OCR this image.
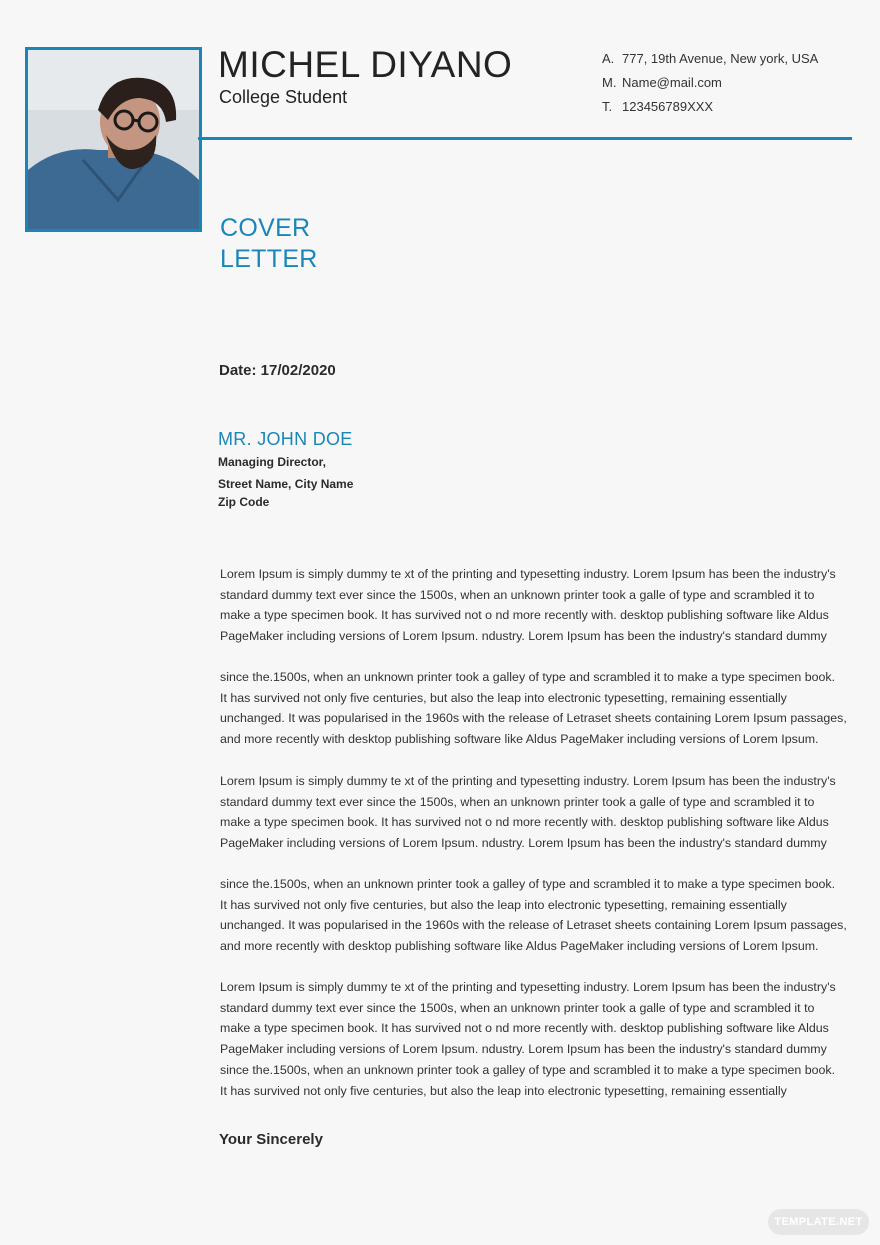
MICHEL DIYANO
College Student
A. 777, 19th Avenue, New york, USA
M. Name@mail.com
T. 123456789XXX
COVER
LETTER
Date: 17/02/2020
MR. JOHN DOE
Managing Director,
Street Name, City Name
Zip Code
Lorem Ipsum is simply dummy te xt of the printing and typesetting industry. Lorem Ipsum has been the industry's
standard dummy text ever since the 1500s, when an unknown printer took a galle of type and scrambled it to
make a type specimen book. It has survived not o nd more recently with. desktop publishing software like Aldus
PageMaker including versions of Lorem Ipsum. ndustry. Lorem Ipsum has been the industry's standard dummy
since the.1500s, when an unknown printer took a galley of type and scrambled it to make a type specimen book.
It has survived not only five centuries, but also the leap into electronic typesetting, remaining essentially
unchanged. It was popularised in the 1960s with the release of Letraset sheets containing Lorem Ipsum passages,
and more recently with desktop publishing software like Aldus PageMaker including versions of Lorem Ipsum.
Lorem Ipsum is simply dummy te xt of the printing and typesetting industry. Lorem Ipsum has been the industry's
standard dummy text ever since the 1500s, when an unknown printer took a galle of type and scrambled it to
make a type specimen book. It has survived not o nd more recently with. desktop publishing software like Aldus
PageMaker including versions of Lorem Ipsum. ndustry. Lorem Ipsum has been the industry's standard dummy
since the.1500s, when an unknown printer took a galley of type and scrambled it to make a type specimen book.
It has survived not only five centuries, but also the leap into electronic typesetting, remaining essentially
unchanged. It was popularised in the 1960s with the release of Letraset sheets containing Lorem Ipsum passages,
and more recently with desktop publishing software like Aldus PageMaker including versions of Lorem Ipsum.
Lorem Ipsum is simply dummy te xt of the printing and typesetting industry. Lorem Ipsum has been the industry's
standard dummy text ever since the 1500s, when an unknown printer took a galle of type and scrambled it to
make a type specimen book. It has survived not o nd more recently with. desktop publishing software like Aldus
PageMaker including versions of Lorem Ipsum. ndustry. Lorem Ipsum has been the industry's standard dummy
since the.1500s, when an unknown printer took a galley of type and scrambled it to make a type specimen book.
It has survived not only five centuries, but also the leap into electronic typesetting, remaining essentially
Your Sincerely
TEMPLATE.NET
